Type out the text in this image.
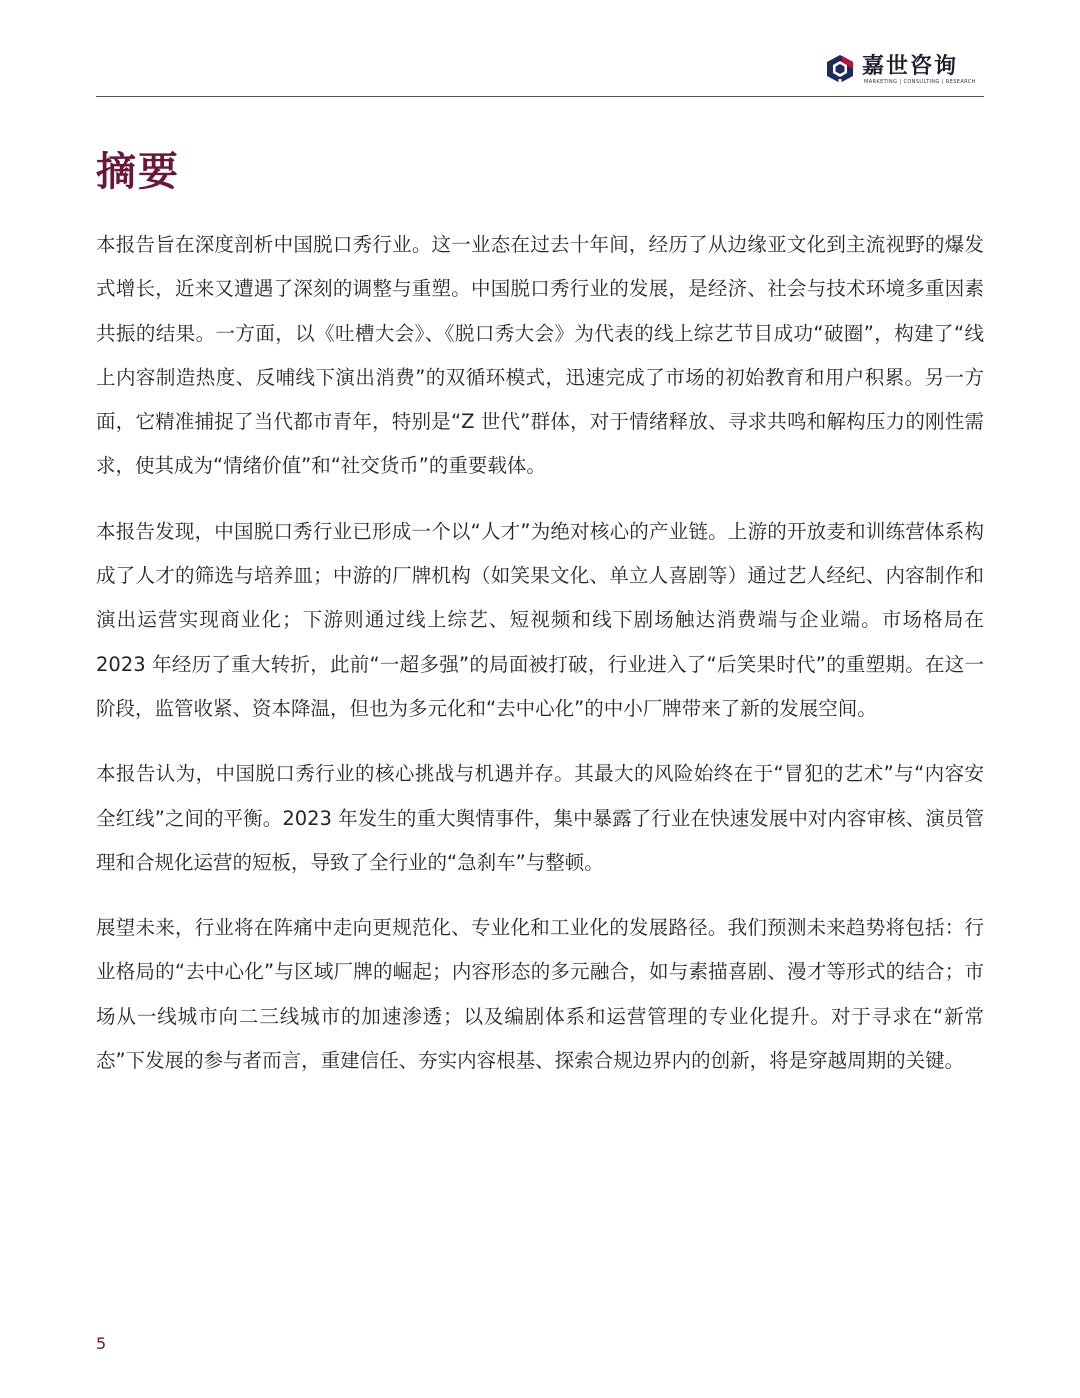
嘉世咨询
MARKETING | CONSULTING | RESEARCH
摘要

本报告旨在深度剖析中国脱口秀行业。这一业态在过去十年间，经历了从边缘亚文化到主流视野的爆发式增长，近来又遭遇了深刻的调整与重塑。中国脱口秀行业的发展，是经济、社会与技术环境多重因素共振的结果。一方面，以《吐槽大会》、《脱口秀大会》为代表的线上综艺节目成功“破圈”，构建了“线上内容制造热度、反哺线下演出消费”的双循环模式，迅速完成了市场的初始教育和用户积累。另一方面，它精准捕捉了当代都市青年，特别是“Z 世代”群体，对于情绪释放、寻求共鸣和解构压力的刚性需求，使其成为“情绪价值”和“社交货币”的重要载体。

本报告发现，中国脱口秀行业已形成一个以“人才”为绝对核心的产业链。上游的开放麦和训练营体系构成了人才的筛选与培养皿；中游的厂牌机构（如笑果文化、单立人喜剧等）通过艺人经纪、内容制作和演出运营实现商业化；下游则通过线上综艺、短视频和线下剧场触达消费端与企业端。市场格局在 2023 年经历了重大转折，此前“一超多强”的局面被打破，行业进入了“后笑果时代”的重塑期。在这一阶段，监管收紧、资本降温，但也为多元化和“去中心化”的中小厂牌带来了新的发展空间。

本报告认为，中国脱口秀行业的核心挑战与机遇并存。其最大的风险始终在于“冒犯的艺术”与“内容安全红线”之间的平衡。2023 年发生的重大舆情事件，集中暴露了行业在快速发展中对内容审核、演员管理和合规化运营的短板，导致了全行业的“急刹车”与整顿。

展望未来，行业将在阵痛中走向更规范化、专业化和工业化的发展路径。我们预测未来趋势将包括：行业格局的“去中心化”与区域厂牌的崛起；内容形态的多元融合，如与素描喜剧、漫才等形式的结合；市场从一线城市向二三线城市的加速渗透；以及编剧体系和运营管理的专业化提升。对于寻求在“新常态”下发展的参与者而言，重建信任、夯实内容根基、探索合规边界内的创新，将是穿越周期的关键。

5
